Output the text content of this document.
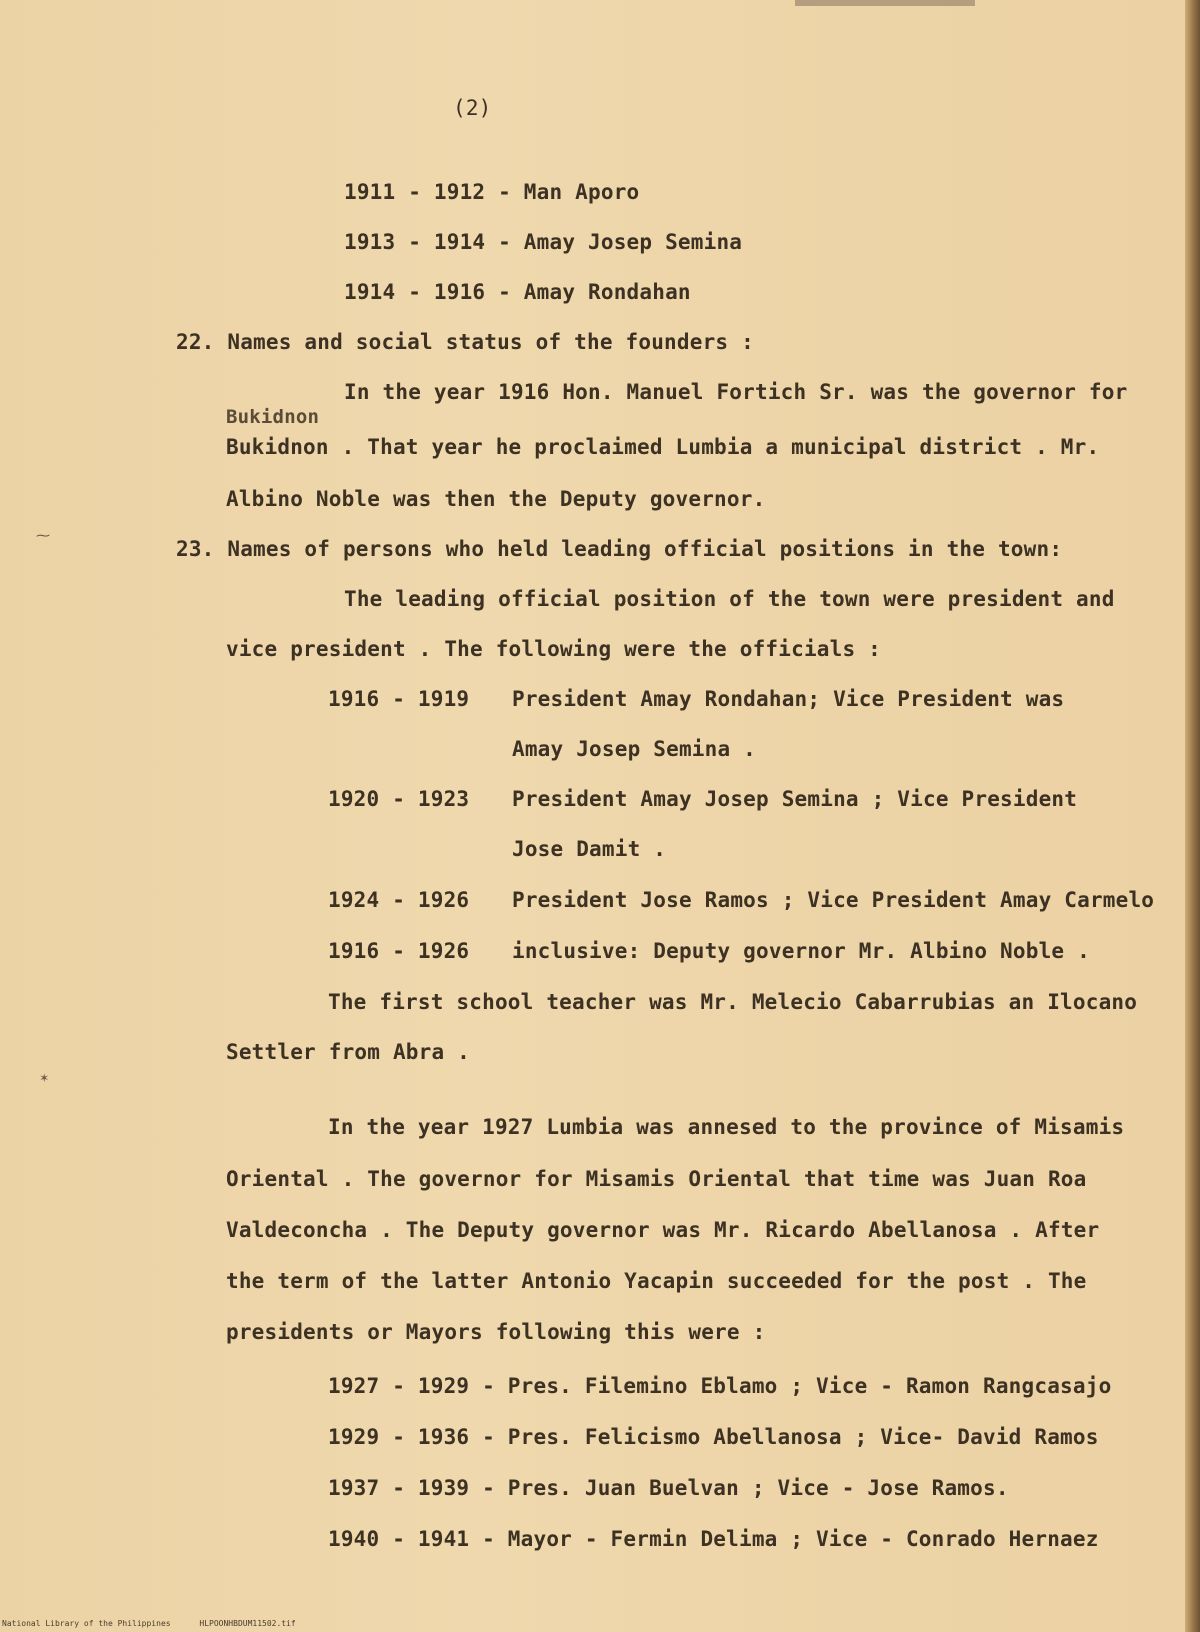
(2)
1911 - 1912 - Man Aporo
1913 - 1914 - Amay Josep Semina
1914 - 1916 - Amay Rondahan
22. Names and social status of the founders :
In the year 1916 Hon. Manuel Fortich Sr. was the governor for
Bukidnon
Bukidnon . That year he proclaimed Lumbia a municipal district . Mr.
Albino Noble was then the Deputy governor.
23. Names of persons who held leading official positions in the town:
The leading official position of the town were president and
vice president . The following were the officials :
1916 - 1919 President Amay Rondahan; Vice President was
Amay Josep Semina .
1920 - 1923 President Amay Josep Semina ; Vice President
Jose Damit .
1924 - 1926 President Jose Ramos ; Vice President Amay Carmelo
1916 - 1926 inclusive: Deputy governor Mr. Albino Noble .
The first school teacher was Mr. Melecio Cabarrubias an Ilocano
Settler from Abra .
In the year 1927 Lumbia was annesed to the province of Misamis
Oriental . The governor for Misamis Oriental that time was Juan Roa
Valdeconcha . The Deputy governor was Mr. Ricardo Abellanosa . After
the term of the latter Antonio Yacapin succeeded for the post . The
presidents or Mayors following this were :
1927 - 1929 - Pres. Filemino Eblamo ; Vice - Ramon Rangcasajo
1929 - 1936 - Pres. Felicismo Abellanosa ; Vice- David Ramos
1937 - 1939 - Pres. Juan Buelvan ; Vice - Jose Ramos.
1940 - 1941 - Mayor - Fermin Delima ; Vice - Conrado Hernaez
⁓
✶
National Library of the Philippines	HLPOONHBDUM11502.tif
